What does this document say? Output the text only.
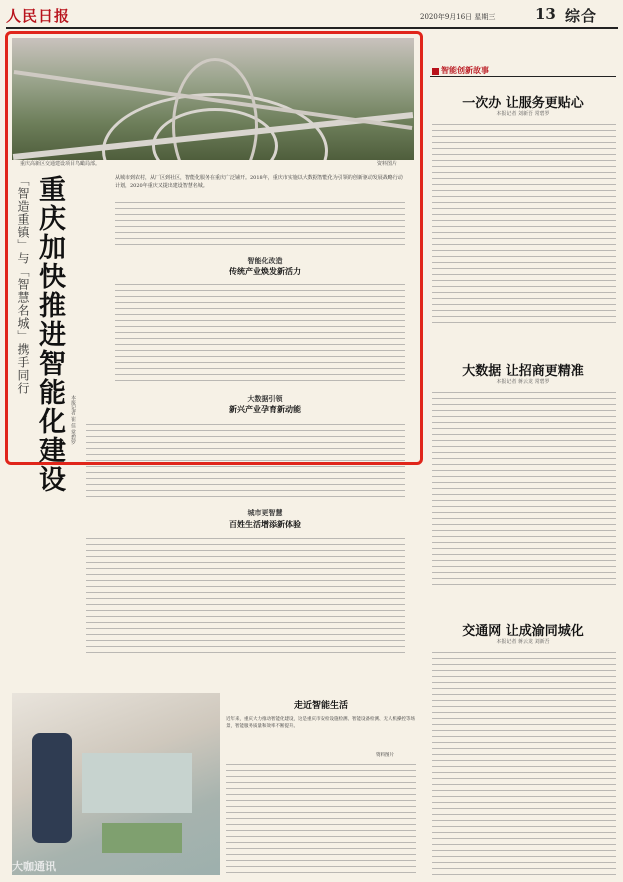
人民日报	2020年9月16日 星期三	13 综合
重庆高新区交通建设项目鸟瞰局部。	资料图片
「智造重镇」与「智慧名城」携手同行 重庆加快推进智能化建设	本报记者 崔 佳 常碧罗
从城市到农村，从厂区到社区，智能化服务在重庆广泛铺开。2018年，重庆市实施以大数据智能化为引领的创新驱动发展战略行动计划，2020年重庆又提出建设智慧名城。
智能化改造
传统产业焕发新活力
大数据引领
新兴产业孕育新动能
城市更智慧
百姓生活增添新体验
智能创新故事
一次办 让服务更贴心
本报记者 刘新吾 常碧罗
大数据 让招商更精准
本报记者 蒋云龙 常碧罗
交通网 让成渝同城化
本报记者 蒋云龙 刘新吾
大咖通讯
走近智能生活
近年来，重庆大力推动智能化建设，这是重庆市安检设施检测、智能设备检测、无人机操控等场景，智能服务质量和效率不断提升。
资料图片
